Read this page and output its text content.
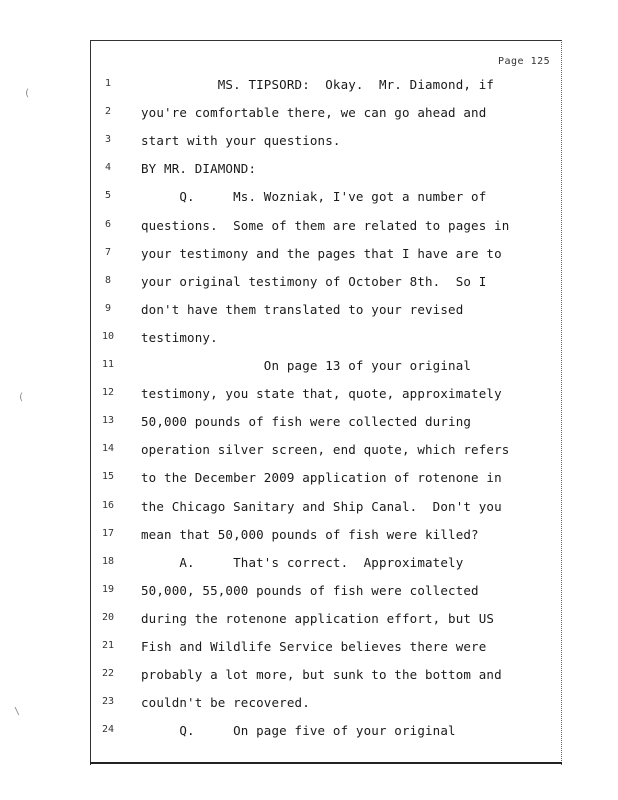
(
(
\
Page 125
1	MS. TIPSORD:  Okay.  Mr. Diamond, if
2	you're comfortable there, we can go ahead and
3	start with your questions.
4	BY MR. DIAMOND:
5	Q.     Ms. Wozniak, I've got a number of
6	questions.  Some of them are related to pages in
7	your testimony and the pages that I have are to
8	your original testimony of October 8th.  So I
9	don't have them translated to your revised
10	testimony.
11	On page 13 of your original
12	testimony, you state that, quote, approximately
13	50,000 pounds of fish were collected during
14	operation silver screen, end quote, which refers
15	to the December 2009 application of rotenone in
16	the Chicago Sanitary and Ship Canal.  Don't you
17	mean that 50,000 pounds of fish were killed?
18	A.     That's correct.  Approximately
19	50,000, 55,000 pounds of fish were collected
20	during the rotenone application effort, but US
21	Fish and Wildlife Service believes there were
22	probably a lot more, but sunk to the bottom and
23	couldn't be recovered.
24	Q.     On page five of your original
